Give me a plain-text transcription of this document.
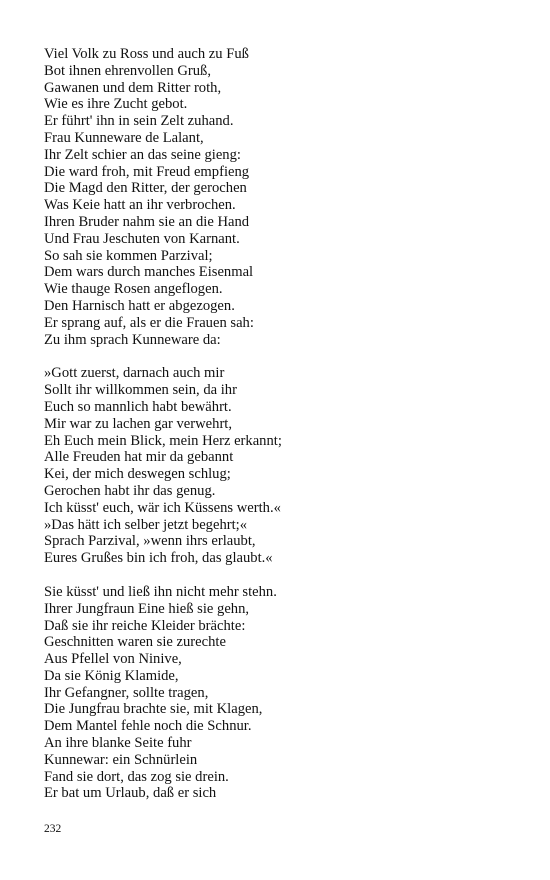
Viel Volk zu Ross und auch zu Fuß
Bot ihnen ehrenvollen Gruß,
Gawanen und dem Ritter roth,
Wie es ihre Zucht gebot.
Er führt' ihn in sein Zelt zuhand.
Frau Kunneware de Lalant,
Ihr Zelt schier an das seine gieng:
Die ward froh, mit Freud empfieng
Die Magd den Ritter, der gerochen
Was Keie hatt an ihr verbrochen.
Ihren Bruder nahm sie an die Hand
Und Frau Jeschuten von Karnant.
So sah sie kommen Parzival;
Dem wars durch manches Eisenmal
Wie thauge Rosen angeflogen.
Den Harnisch hatt er abgezogen.
Er sprang auf, als er die Frauen sah:
Zu ihm sprach Kunneware da:
»Gott zuerst, darnach auch mir
Sollt ihr willkommen sein, da ihr
Euch so mannlich habt bewährt.
Mir war zu lachen gar verwehrt,
Eh Euch mein Blick, mein Herz erkannt;
Alle Freuden hat mir da gebannt
Kei, der mich deswegen schlug;
Gerochen habt ihr das genug.
Ich küsst' euch, wär ich Küssens werth.«
»Das hätt ich selber jetzt begehrt;«
Sprach Parzival, »wenn ihrs erlaubt,
Eures Grußes bin ich froh, das glaubt.«
Sie küsst' und ließ ihn nicht mehr stehn.
Ihrer Jungfraun Eine hieß sie gehn,
Daß sie ihr reiche Kleider brächte:
Geschnitten waren sie zurechte
Aus Pfellel von Ninive,
Da sie König Klamide,
Ihr Gefangner, sollte tragen,
Die Jungfrau brachte sie, mit Klagen,
Dem Mantel fehle noch die Schnur.
An ihre blanke Seite fuhr
Kunnewar: ein Schnürlein
Fand sie dort, das zog sie drein.
Er bat um Urlaub, daß er sich
232
